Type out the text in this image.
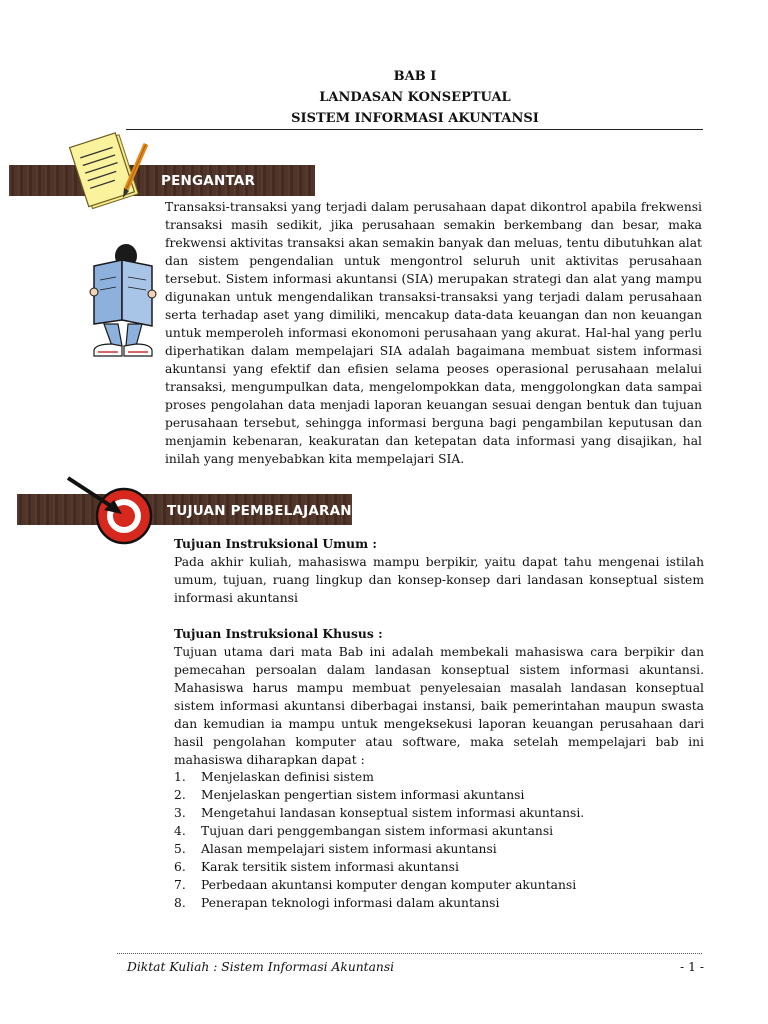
BAB I
LANDASAN KONSEPTUAL
SISTEM INFORMASI AKUNTANSI
PENGANTAR

Transaksi-transaksi yang terjadi dalam perusahaan dapat dikontrol apabila frekwensi transaksi masih sedikit, jika perusahaan semakin berkembang dan besar, maka frekwensi aktivitas transaksi akan semakin banyak dan meluas, tentu dibutuhkan alat dan sistem pengendalian untuk mengontrol seluruh unit aktivitas perusahaan tersebut. Sistem informasi akuntansi (SIA) merupakan strategi dan alat yang mampu digunakan untuk mengendalikan transaksi-transaksi yang terjadi dalam perusahaan serta terhadap aset yang dimiliki, mencakup data-data keuangan dan non keuangan untuk memperoleh informasi ekonomoni perusahaan yang akurat. Hal-hal yang perlu diperhatikan dalam mempelajari SIA adalah bagaimana membuat sistem informasi akuntansi yang efektif dan efisien selama peoses operasional perusahaan melalui transaksi, mengumpulkan data, mengelompokkan data, menggolongkan data sampai proses pengolahan data menjadi laporan keuangan sesuai dengan bentuk dan tujuan perusahaan tersebut, sehingga informasi berguna bagi pengambilan keputusan dan menjamin kebenaran, keakuratan dan ketepatan data informasi yang disajikan, hal inilah yang menyebabkan kita mempelajari SIA.

TUJUAN PEMBELAJARAN

Tujuan Instruksional Umum :

Pada akhir kuliah, mahasiswa mampu berpikir, yaitu dapat tahu mengenai istilah umum, tujuan, ruang lingkup dan konsep-konsep dari landasan konseptual sistem informasi akuntansi

Tujuan Instruksional Khusus :

Tujuan utama dari mata Bab ini adalah membekali mahasiswa cara berpikir dan pemecahan persoalan dalam landasan konseptual sistem informasi akuntansi. Mahasiswa harus mampu membuat penyelesaian masalah landasan konseptual sistem informasi akuntansi diberbagai instansi, baik pemerintahan maupun swasta dan kemudian ia mampu untuk mengeksekusi laporan keuangan perusahaan dari hasil pengolahan komputer atau software, maka setelah mempelajari bab ini mahasiswa diharapkan dapat :

1.	Menjelaskan definisi sistem
2.	Menjelaskan pengertian sistem informasi akuntansi
3.	Mengetahui landasan konseptual sistem informasi akuntansi.
4.	Tujuan dari penggembangan sistem informasi akuntansi
5.	Alasan mempelajari sistem informasi akuntansi
6.	Karak tersitik sistem informasi akuntansi
7.	Perbedaan akuntansi komputer dengan komputer akuntansi
8.	Penerapan teknologi informasi dalam akuntansi
Diktat Kuliah : Sistem Informasi Akuntansi	- 1 -
